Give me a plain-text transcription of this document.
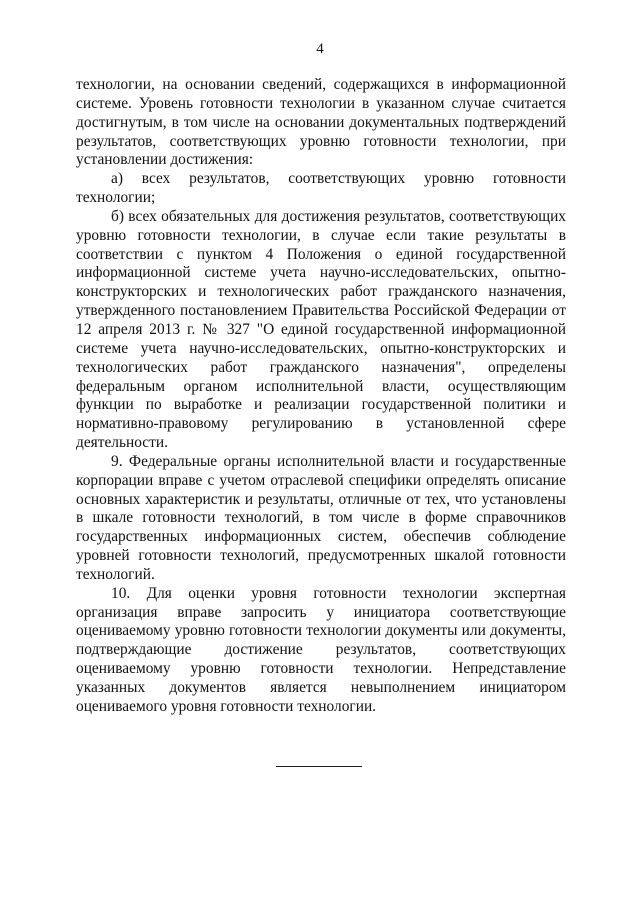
4

технологии, на основании сведений, содержащихся в информационной системе. Уровень готовности технологии в указанном случае считается достигнутым, в том числе на основании документальных подтверждений результатов, соответствующих уровню готовности технологии, при установлении достижения:

а) всех результатов, соответствующих уровню готовности технологии;

б) всех обязательных для достижения результатов, соответствующих уровню готовности технологии, в случае если такие результаты в соответствии с пунктом 4 Положения о единой государственной информационной системе учета научно-исследовательских, опытно-конструкторских и технологических работ гражданского назначения, утвержденного постановлением Правительства Российской Федерации от 12 апреля 2013 г. № 327 "О единой государственной информационной системе учета научно-исследовательских, опытно-конструкторских и технологических работ гражданского назначения", определены федеральным органом исполнительной власти, осуществляющим функции по выработке и реализации государственной политики и нормативно-правовому регулированию в установленной сфере деятельности.

9. Федеральные органы исполнительной власти и государственные корпорации вправе с учетом отраслевой специфики определять описание основных характеристик и результаты, отличные от тех, что установлены в шкале готовности технологий, в том числе в форме справочников государственных информационных систем, обеспечив соблюдение уровней готовности технологий, предусмотренных шкалой готовности технологий.

10. Для оценки уровня готовности технологии экспертная организация вправе запросить у инициатора соответствующие оцениваемому уровню готовности технологии документы или документы, подтверждающие достижение результатов, соответствующих оцениваемому уровню готовности технологии. Непредставление указанных документов является невыполнением инициатором оцениваемого уровня готовности технологии.
